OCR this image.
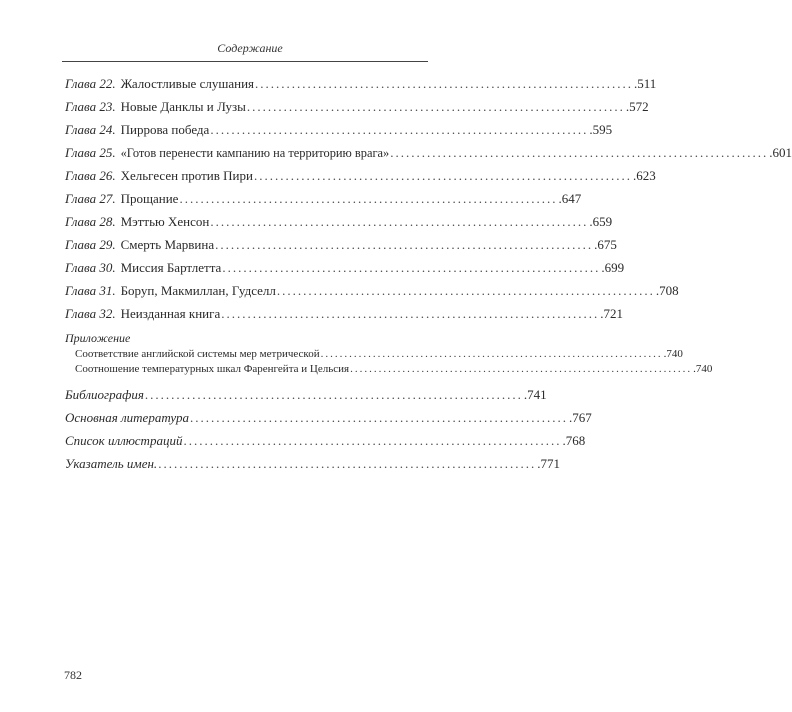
Содержание
Глава 22. Жалостливые слушания ........................................................................ .511
Глава 23. Новые Данклы и Лузы ........................................................................ .572
Глава 24. Пиррова победа ........................................................................ .595
Глава 25. «Готов перенести кампанию на территорию врага» ........................................................................ .601
Глава 26. Хельгесен против Пири ........................................................................ .623
Глава 27. Прощание ........................................................................ .647
Глава 28. Мэттью Хенсон ........................................................................ .659
Глава 29. Смерть Марвина ........................................................................ .675
Глава 30. Миссия Бартлетта ........................................................................ .699
Глава 31. Боруп, Макмиллан, Гудселл ........................................................................ .708
Глава 32. Неизданная книга ........................................................................ .721
Приложение
Соответствие английской системы мер метрической ........................................................................ .740
Соотношение температурных шкал Фаренгейта и Цельсия ........................................................................ .740
Библиография ........................................................................ .741
Основная литература ........................................................................ .767
Список иллюстраций ........................................................................ .768
Указатель имен. ........................................................................ .771
782
